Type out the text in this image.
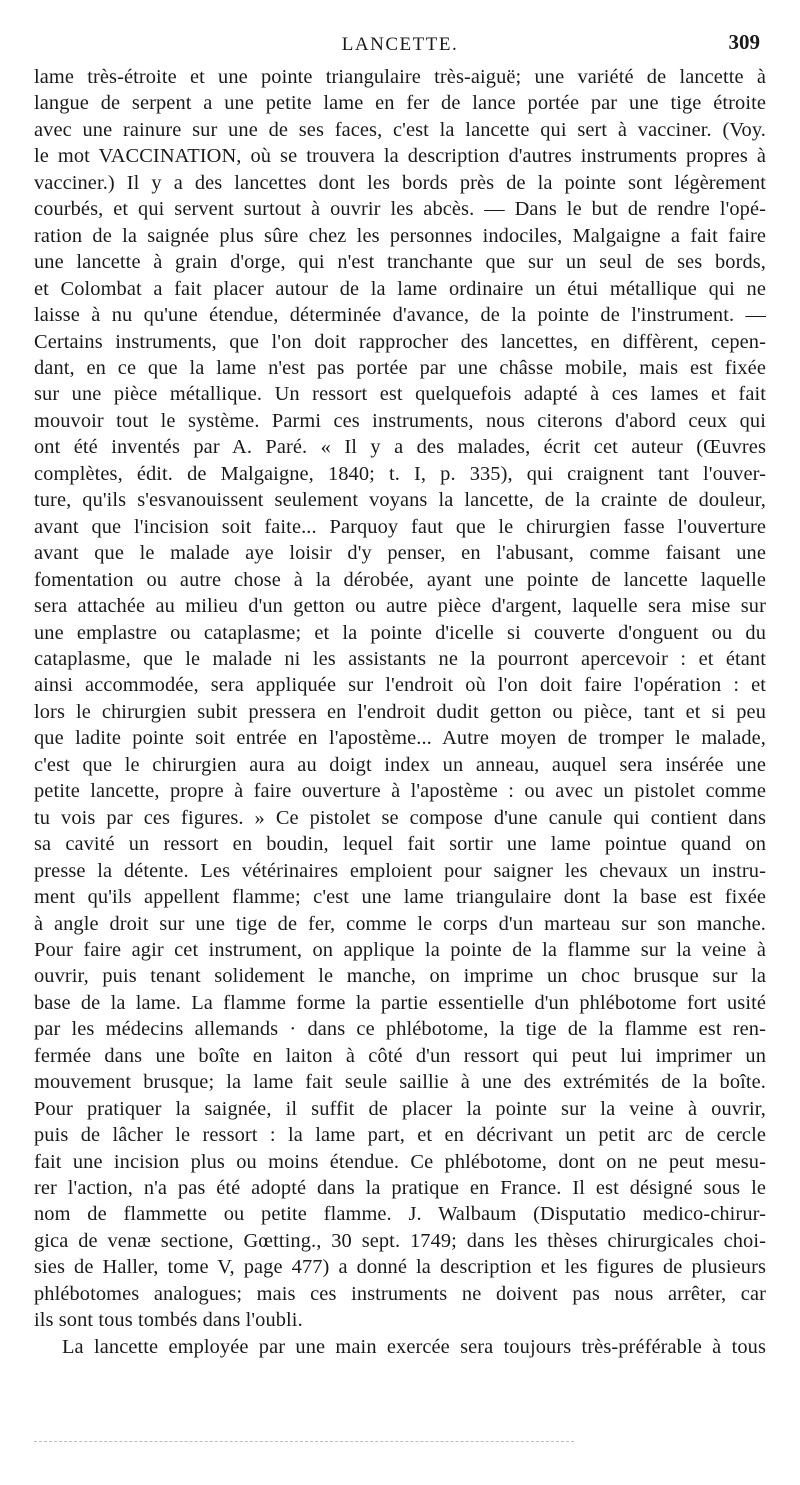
LANCETTE.	309
lame très-étroite et une pointe triangulaire très-aiguë; une variété de lancette à
langue de serpent a une petite lame en fer de lance portée par une tige étroite
avec une rainure sur une de ses faces, c'est la lancette qui sert à vacciner. (Voy.
le mot VACCINATION, où se trouvera la description d'autres instruments propres à
vacciner.) Il y a des lancettes dont les bords près de la pointe sont légèrement
courbés, et qui servent surtout à ouvrir les abcès. — Dans le but de rendre l'opé-
ration de la saignée plus sûre chez les personnes indociles, Malgaigne a fait faire
une lancette à grain d'orge, qui n'est tranchante que sur un seul de ses bords,
et Colombat a fait placer autour de la lame ordinaire un étui métallique qui ne
laisse à nu qu'une étendue, déterminée d'avance, de la pointe de l'instrument. —
Certains instruments, que l'on doit rapprocher des lancettes, en diffèrent, cepen-
dant, en ce que la lame n'est pas portée par une châsse mobile, mais est fixée
sur une pièce métallique. Un ressort est quelquefois adapté à ces lames et fait
mouvoir tout le système. Parmi ces instruments, nous citerons d'abord ceux qui
ont été inventés par A. Paré. « Il y a des malades, écrit cet auteur (Œuvres
complètes, édit. de Malgaigne, 1840; t. I, p. 335), qui craignent tant l'ouver-
ture, qu'ils s'esvanouissent seulement voyans la lancette, de la crainte de douleur,
avant que l'incision soit faite... Parquoy faut que le chirurgien fasse l'ouverture
avant que le malade aye loisir d'y penser, en l'abusant, comme faisant une
fomentation ou autre chose à la dérobée, ayant une pointe de lancette laquelle
sera attachée au milieu d'un getton ou autre pièce d'argent, laquelle sera mise sur
une emplastre ou cataplasme; et la pointe d'icelle si couverte d'onguent ou du
cataplasme, que le malade ni les assistants ne la pourront apercevoir : et étant
ainsi accommodée, sera appliquée sur l'endroit où l'on doit faire l'opération : et
lors le chirurgien subit pressera en l'endroit dudit getton ou pièce, tant et si peu
que ladite pointe soit entrée en l'apostème... Autre moyen de tromper le malade,
c'est que le chirurgien aura au doigt index un anneau, auquel sera insérée une
petite lancette, propre à faire ouverture à l'apostème : ou avec un pistolet comme
tu vois par ces figures. » Ce pistolet se compose d'une canule qui contient dans
sa cavité un ressort en boudin, lequel fait sortir une lame pointue quand on
presse la détente. Les vétérinaires emploient pour saigner les chevaux un instru-
ment qu'ils appellent flamme; c'est une lame triangulaire dont la base est fixée
à angle droit sur une tige de fer, comme le corps d'un marteau sur son manche.
Pour faire agir cet instrument, on applique la pointe de la flamme sur la veine à
ouvrir, puis tenant solidement le manche, on imprime un choc brusque sur la
base de la lame. La flamme forme la partie essentielle d'un phlébotome fort usité
par les médecins allemands · dans ce phlébotome, la tige de la flamme est ren-
fermée dans une boîte en laiton à côté d'un ressort qui peut lui imprimer un
mouvement brusque; la lame fait seule saillie à une des extrémités de la boîte.
Pour pratiquer la saignée, il suffit de placer la pointe sur la veine à ouvrir,
puis de lâcher le ressort : la lame part, et en décrivant un petit arc de cercle
fait une incision plus ou moins étendue. Ce phlébotome, dont on ne peut mesu-
rer l'action, n'a pas été adopté dans la pratique en France. Il est désigné sous le
nom de flammette ou petite flamme. J. Walbaum (Disputatio medico-chirur-
gica de venæ sectione, Gœtting., 30 sept. 1749; dans les thèses chirurgicales choi-
sies de Haller, tome V, page 477) a donné la description et les figures de plusieurs
phlébotomes analogues; mais ces instruments ne doivent pas nous arrêter, car
ils sont tous tombés dans l'oubli.
La lancette employée par une main exercée sera toujours très-préférable à tous
